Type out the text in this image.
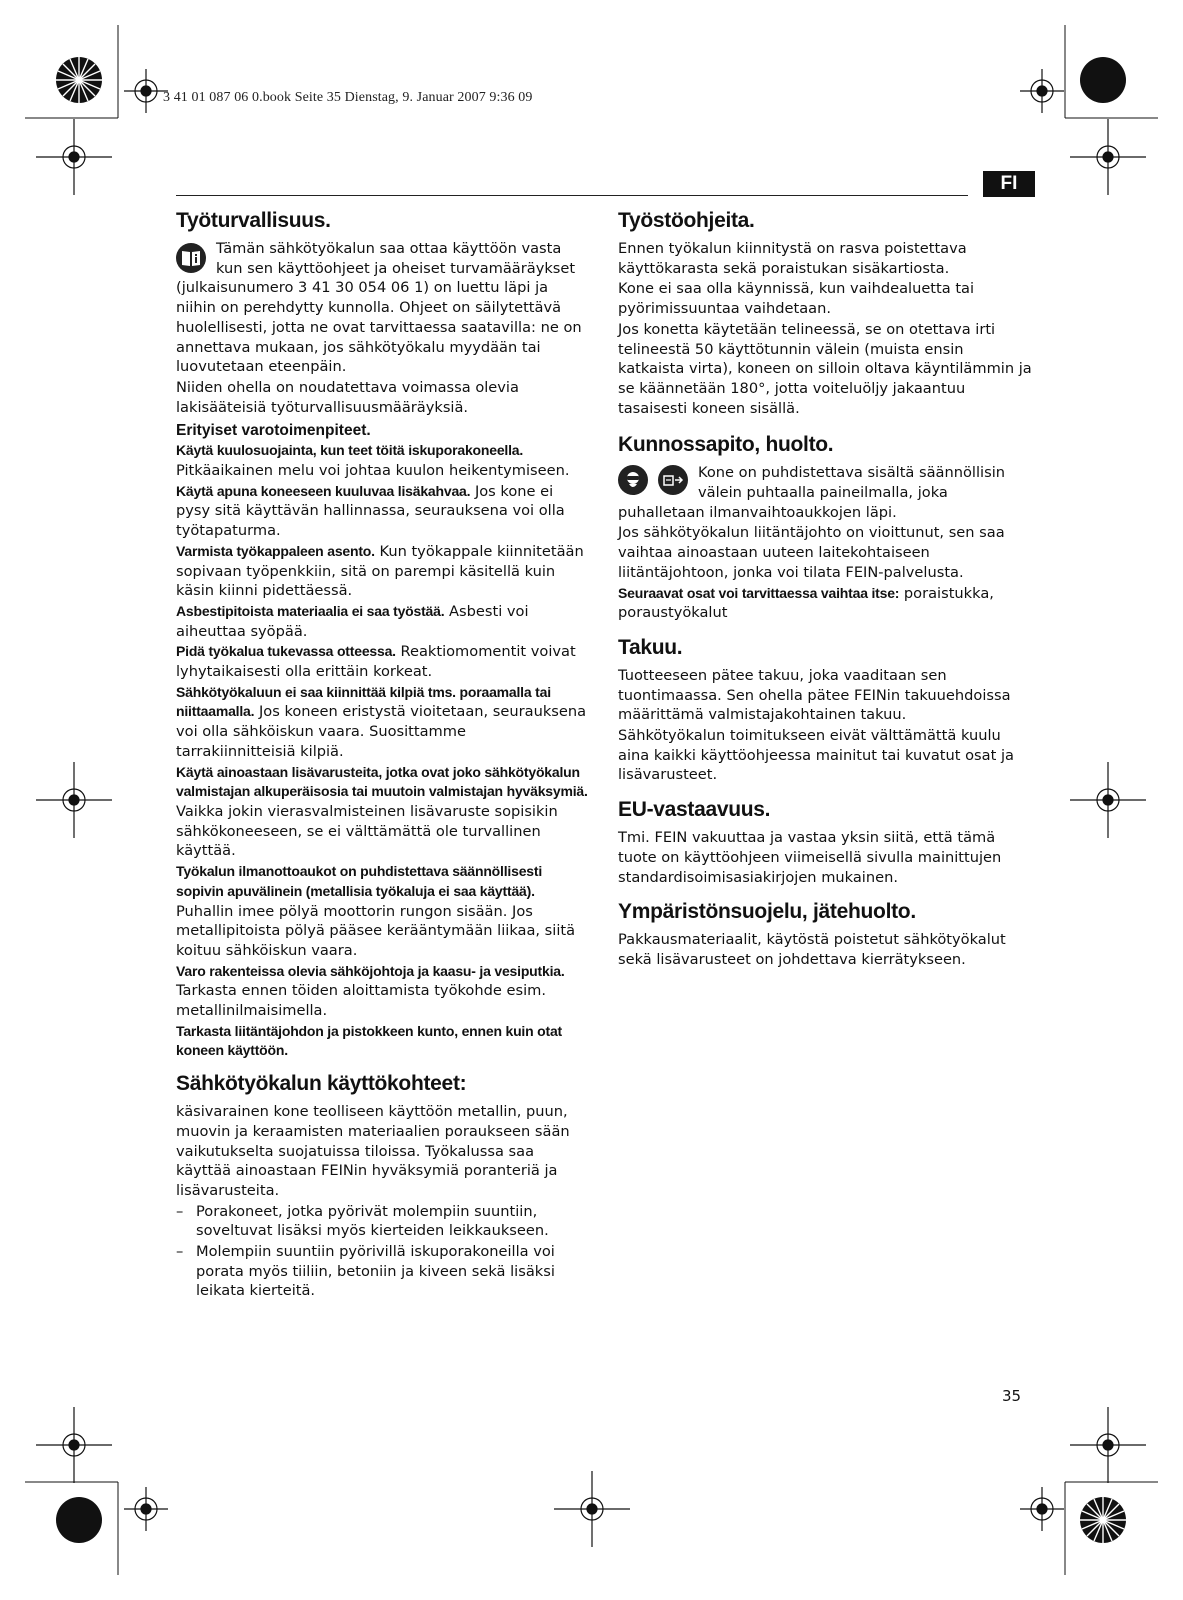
3 41 01 087 06 0.book Seite 35 Dienstag, 9. Januar 2007 9:36 09
FI
Työturvallisuus.

Tämän sähkötyökalun saa ottaa käyttöön vasta kun sen käyttöohjeet ja oheiset turvamääräykset (julkaisunumero 3 41 30 054 06 1) on luettu läpi ja niihin on perehdytty kunnolla. Ohjeet on säilytettävä huolellisesti, jotta ne ovat tarvittaessa saatavilla: ne on annettava mukaan, jos sähkötyökalu myydään tai luovutetaan eteenpäin.

Niiden ohella on noudatettava voimassa olevia lakisääteisiä työturvallisuusmääräyksiä.

Erityiset varotoimenpiteet.

Käytä kuulosuojainta, kun teet töitä iskuporakoneella. Pitkäaikainen melu voi johtaa kuulon heikentymiseen.

Käytä apuna koneeseen kuuluvaa lisäkahvaa. Jos kone ei pysy sitä käyttävän hallinnassa, seurauksena voi olla työtapaturma.

Varmista työkappaleen asento. Kun työkappale kiinnitetään sopivaan työpenkkiin, sitä on parempi käsitellä kuin käsin kiinni pidettäessä.

Asbestipitoista materiaalia ei saa työstää. Asbesti voi aiheuttaa syöpää.

Pidä työkalua tukevassa otteessa. Reaktiomomentit voivat lyhytaikaisesti olla erittäin korkeat.

Sähkötyökaluun ei saa kiinnittää kilpiä tms. poraamalla tai niittaamalla. Jos koneen eristystä vioitetaan, seurauksena voi olla sähköiskun vaara. Suosittamme tarrakiinnitteisiä kilpiä.

Käytä ainoastaan lisävarusteita, jotka ovat joko sähkötyökalun valmistajan alkuperäisosia tai muutoin valmistajan hyväksymiä. Vaikka jokin vierasvalmisteinen lisävaruste sopisikin sähkökoneeseen, se ei välttämättä ole turvallinen käyttää.

Työkalun ilmanottoaukot on puhdistettava säännöllisesti sopivin apuvälinein (metallisia työkaluja ei saa käyttää). Puhallin imee pölyä moottorin rungon sisään. Jos metallipitoista pölyä pääsee kerääntymään liikaa, siitä koituu sähköiskun vaara.

Varo rakenteissa olevia sähköjohtoja ja kaasu- ja vesiputkia. Tarkasta ennen töiden aloittamista työkohde esim. metallinilmaisimella.

Tarkasta liitäntäjohdon ja pistokkeen kunto, ennen kuin otat koneen käyttöön.

Sähkötyökalun käyttökohteet:

käsivarainen kone teolliseen käyttöön metallin, puun, muovin ja keraamisten materiaalien poraukseen sään vaikutukselta suojatuissa tiloissa. Työkalussa saa käyttää ainoastaan FEINin hyväksymiä poranteriä ja lisävarusteita.

– Porakoneet, jotka pyörivät molempiin suuntiin, soveltuvat lisäksi myös kierteiden leikkaukseen.
– Molempiin suuntiin pyörivillä iskuporakoneilla voi porata myös tiiliin, betoniin ja kiveen sekä lisäksi leikata kierteitä.
Työstöohjeita.

Ennen työkalun kiinnitystä on rasva poistettava käyttökarasta sekä poraistukan sisäkartiosta.

Kone ei saa olla käynnissä, kun vaihdealuetta tai pyörimissuuntaa vaihdetaan.

Jos konetta käytetään telineessä, se on otettava irti telineestä 50 käyttötunnin välein (muista ensin katkaista virta), koneen on silloin oltava käyntilämmin ja se käännetään 180°, jotta voiteluöljy jakaantuu tasaisesti koneen sisällä.

Kunnossapito, huolto.

Kone on puhdistettava sisältä säännöllisin välein puhtaalla paineilmalla, joka puhalletaan ilmanvaihtoaukkojen läpi.

Jos sähkötyökalun liitäntäjohto on vioittunut, sen saa vaihtaa ainoastaan uuteen laitekohtaiseen liitäntäjohtoon, jonka voi tilata FEIN-palvelusta.

Seuraavat osat voi tarvittaessa vaihtaa itse: poraistukka, poraustyökalut

Takuu.

Tuotteeseen pätee takuu, joka vaaditaan sen tuontimaassa. Sen ohella pätee FEINin takuuehdoissa määrittämä valmistajakohtainen takuu.

Sähkötyökalun toimitukseen eivät välttämättä kuulu aina kaikki käyttöohjeessa mainitut tai kuvatut osat ja lisävarusteet.

EU-vastaavuus.

Tmi. FEIN vakuuttaa ja vastaa yksin siitä, että tämä tuote on käyttöohjeen viimeisellä sivulla mainittujen standardisoimisasiakirjojen mukainen.

Ympäristönsuojelu, jätehuolto.

Pakkausmateriaalit, käytöstä poistetut sähkötyökalut sekä lisävarusteet on johdettava kierrätykseen.

35
